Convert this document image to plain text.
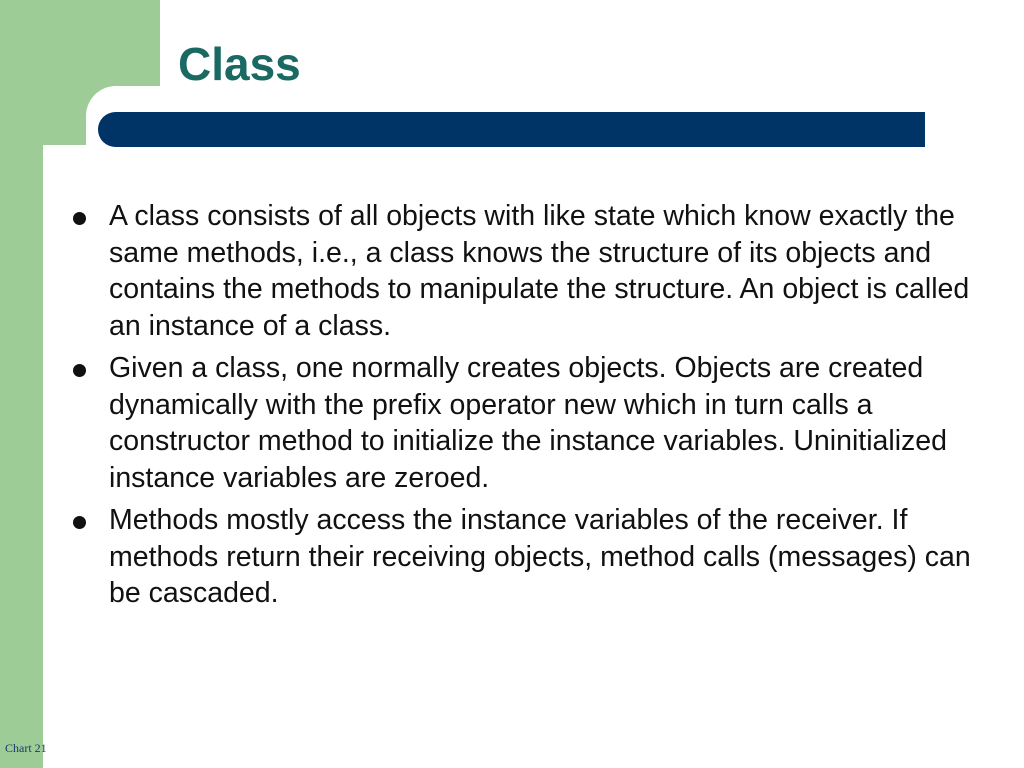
Class
A class consists of all objects with like state which know exactly the same methods, i.e., a class knows the structure of its objects and contains the methods to manipulate the structure. An object is called an instance of a class.
Given a class, one normally creates objects. Objects are created dynamically with the prefix operator new which in turn calls a constructor method to initialize the instance variables. Uninitialized instance variables are zeroed.
Methods mostly access the instance variables of the receiver. If methods return their receiving objects, method calls (messages) can be cascaded.
Chart 21
